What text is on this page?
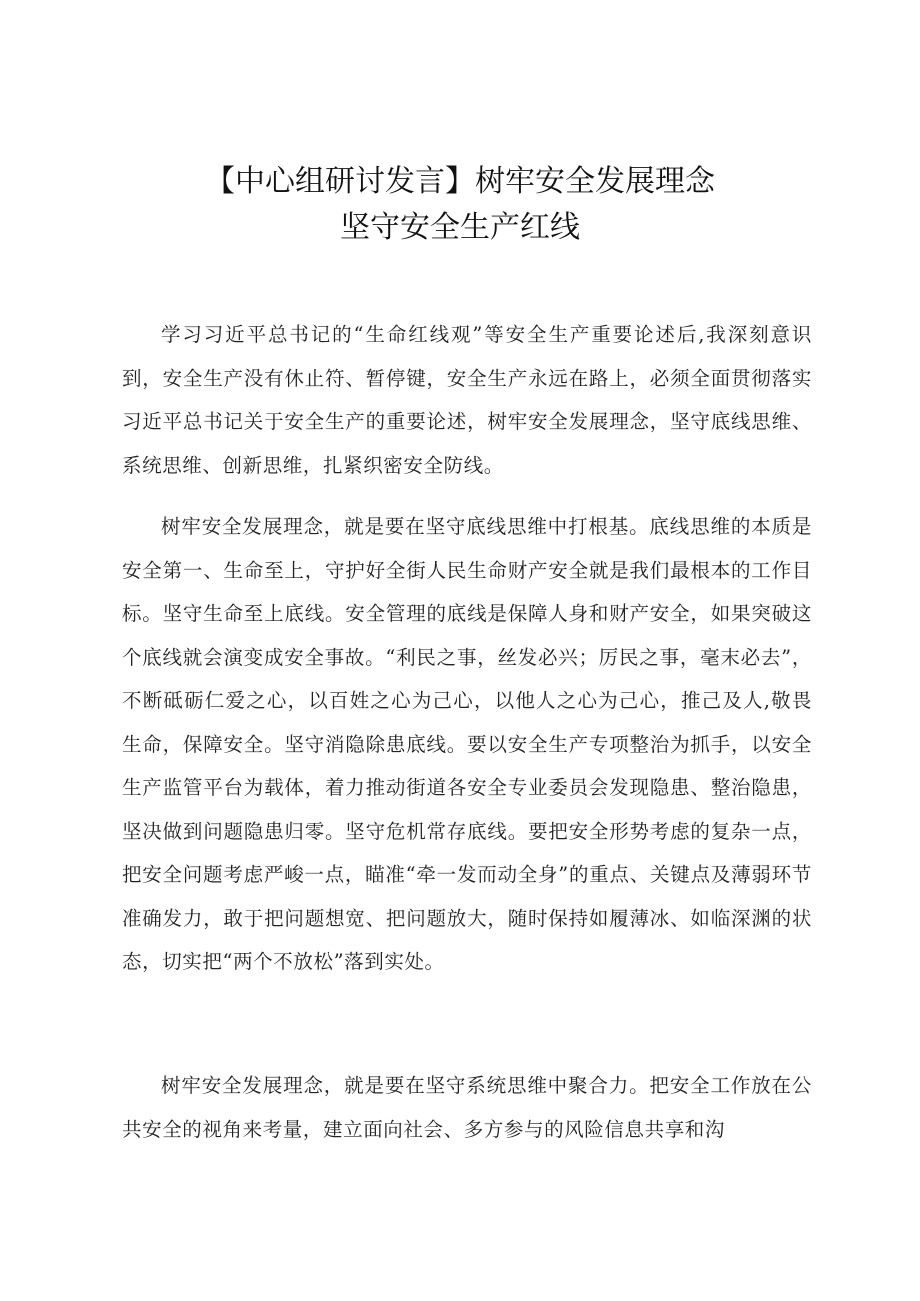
【中心组研讨发言】树牢安全发展理念
坚守安全生产红线

学习习近平总书记的“生命红线观”等安全生产重要论述后,我深刻意识到，安全生产没有休止符、暂停键，安全生产永远在路上，必须全面贯彻落实习近平总书记关于安全生产的重要论述，树牢安全发展理念，坚守底线思维、系统思维、创新思维，扎紧织密安全防线。

树牢安全发展理念，就是要在坚守底线思维中打根基。底线思维的本质是安全第一、生命至上，守护好全街人民生命财产安全就是我们最根本的工作目标。坚守生命至上底线。安全管理的底线是保障人身和财产安全，如果突破这个底线就会演变成安全事故。“利民之事，丝发必兴；厉民之事，毫末必去”，不断砥砺仁爱之心，以百姓之心为己心，以他人之心为己心，推己及人,敬畏生命，保障安全。坚守消隐除患底线。要以安全生产专项整治为抓手，以安全生产监管平台为载体，着力推动街道各安全专业委员会发现隐患、整治隐患，坚决做到问题隐患归零。坚守危机常存底线。要把安全形势考虑的复杂一点，把安全问题考虑严峻一点，瞄准“牵一发而动全身”的重点、关键点及薄弱环节准确发力，敢于把问题想宽、把问题放大，随时保持如履薄冰、如临深渊的状态，切实把“两个不放松”落到实处。

树牢安全发展理念，就是要在坚守系统思维中聚合力。把安全工作放在公共安全的视角来考量，建立面向社会、多方参与的风险信息共享和沟
